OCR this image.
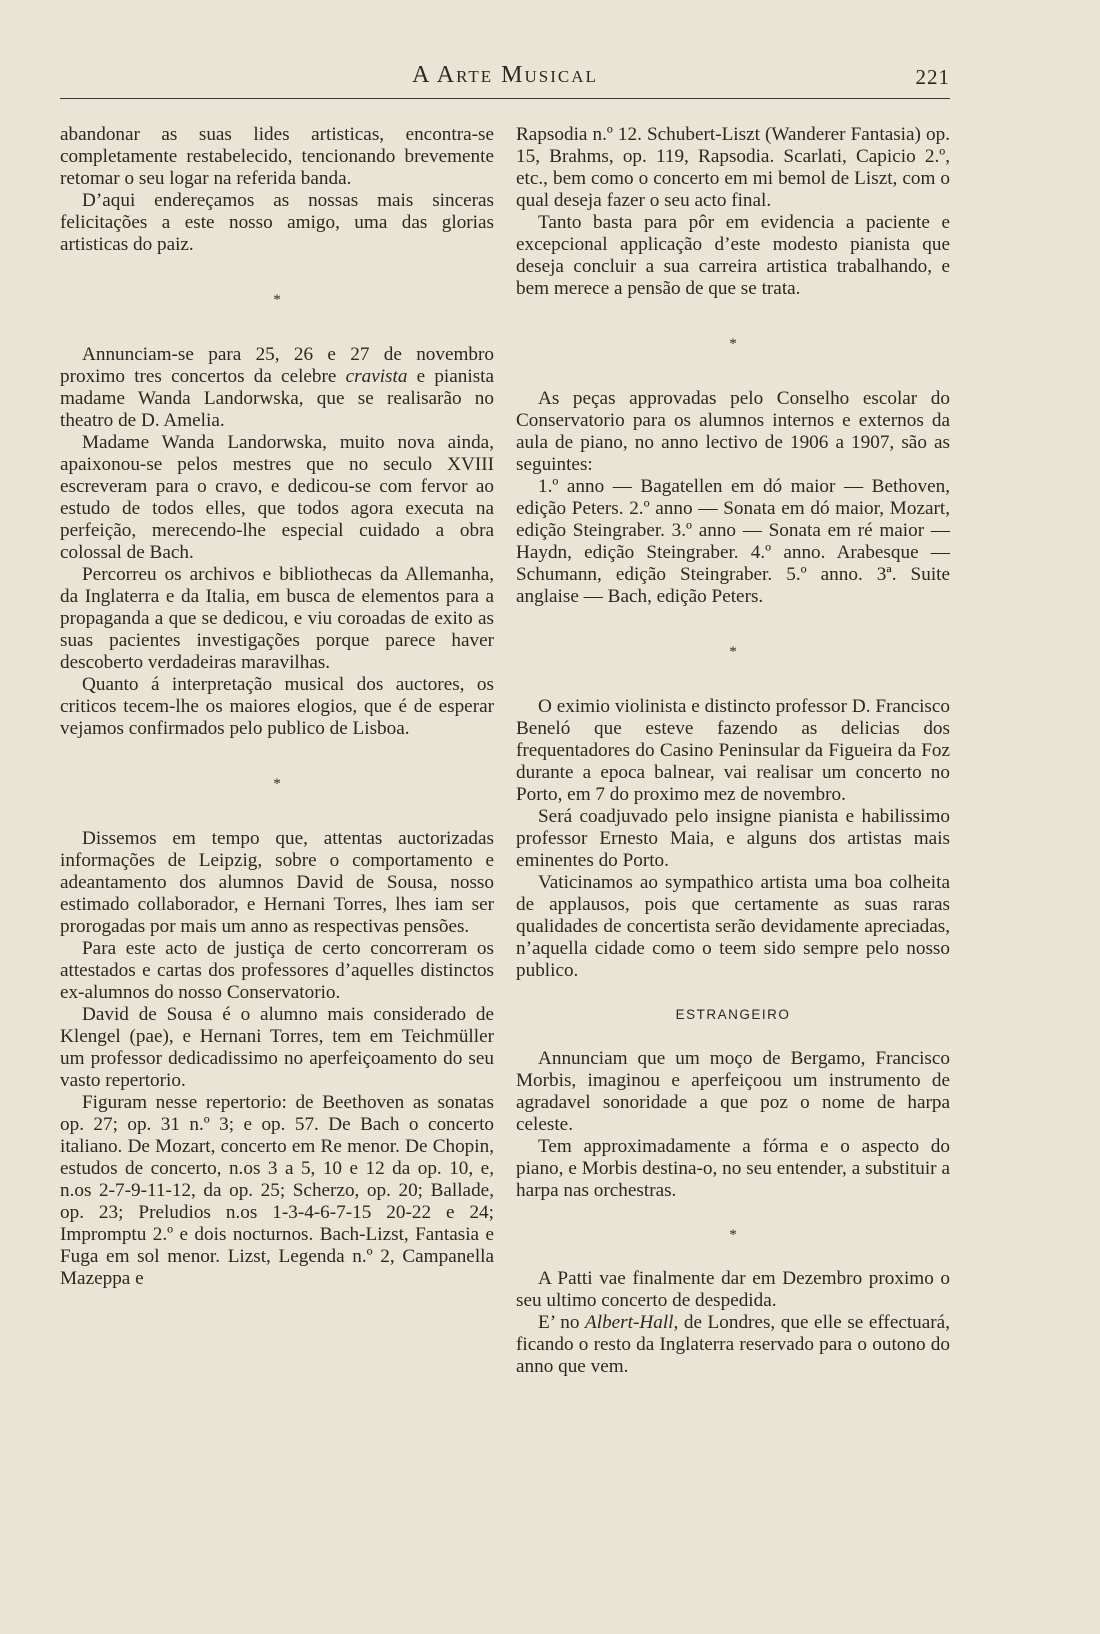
A Arte Musical	221

abandonar as suas lides artisticas, encontra-se completamente restabelecido, tencionando brevemente retomar o seu logar na referida banda.

D’aqui endereçamos as nossas mais sinceras felicitações a este nosso amigo, uma das glorias artisticas do paiz.

*

Annunciam-se para 25, 26 e 27 de novembro proximo tres concertos da celebre cravista e pianista madame Wanda Landorwska, que se realisarão no theatro de D. Amelia.

Madame Wanda Landorwska, muito nova ainda, apaixonou-se pelos mestres que no seculo XVIII escreveram para o cravo, e dedicou-se com fervor ao estudo de todos elles, que todos agora executa na perfeição, merecendo-lhe especial cuidado a obra colossal de Bach.

Percorreu os archivos e bibliothecas da Allemanha, da Inglaterra e da Italia, em busca de elementos para a propaganda a que se dedicou, e viu coroadas de exito as suas pacientes investigações porque parece haver descoberto verdadeiras maravilhas.

Quanto á interpretação musical dos auctores, os criticos tecem-lhe os maiores elogios, que é de esperar vejamos confirmados pelo publico de Lisboa.

*

Dissemos em tempo que, attentas auctorizadas informações de Leipzig, sobre o comportamento e adeantamento dos alumnos David de Sousa, nosso estimado collaborador, e Hernani Torres, lhes iam ser prorogadas por mais um anno as respectivas pensões.

Para este acto de justiça de certo concorreram os attestados e cartas dos professores d’aquelles distinctos ex-alumnos do nosso Conservatorio.

David de Sousa é o alumno mais considerado de Klengel (pae), e Hernani Torres, tem em Teichmüller um professor dedicadissimo no aperfeiçoamento do seu vasto repertorio.

Figuram nesse repertorio: de Beethoven as sonatas op. 27; op. 31 n.º 3; e op. 57. De Bach o concerto italiano. De Mozart, concerto em Re menor. De Chopin, estudos de concerto, n.os 3 a 5, 10 e 12 da op. 10, e, n.os 2-7-9-11-12, da op. 25; Scherzo, op. 20; Ballade, op. 23; Preludios n.os 1-3-4-6-7-15 20-22 e 24; Impromptu 2.º e dois nocturnos. Bach-Lizst, Fantasia e Fuga em sol menor. Lizst, Legenda n.º 2, Campanella Mazeppa e

Rapsodia n.º 12. Schubert-Liszt (Wanderer Fantasia) op. 15, Brahms, op. 119, Rapsodia. Scarlati, Capicio 2.º, etc., bem como o concerto em mi bemol de Liszt, com o qual deseja fazer o seu acto final.

Tanto basta para pôr em evidencia a paciente e excepcional applicação d’este modesto pianista que deseja concluir a sua carreira artistica trabalhando, e bem merece a pensão de que se trata.

*

As peças approvadas pelo Conselho escolar do Conservatorio para os alumnos internos e externos da aula de piano, no anno lectivo de 1906 a 1907, são as seguintes:

1.º anno — Bagatellen em dó maior — Bethoven, edição Peters. 2.º anno — Sonata em dó maior, Mozart, edição Steingraber. 3.º anno — Sonata em ré maior — Haydn, edição Steingraber. 4.º anno. Arabesque — Schumann, edição Steingraber. 5.º anno. 3ª. Suite anglaise — Bach, edição Peters.

*

O eximio violinista e distincto professor D. Francisco Beneló que esteve fazendo as delicias dos frequentadores do Casino Peninsular da Figueira da Foz durante a epoca balnear, vai realisar um concerto no Porto, em 7 do proximo mez de novembro.

Será coadjuvado pelo insigne pianista e habilissimo professor Ernesto Maia, e alguns dos artistas mais eminentes do Porto.

Vaticinamos ao sympathico artista uma boa colheita de applausos, pois que certamente as suas raras qualidades de concertista serão devidamente apreciadas, n’aquella cidade como o teem sido sempre pelo nosso publico.

ESTRANGEIRO

Annunciam que um moço de Bergamo, Francisco Morbis, imaginou e aperfeiçoou um instrumento de agradavel sonoridade a que poz o nome de harpa celeste.

Tem approximadamente a fórma e o aspecto do piano, e Morbis destina-o, no seu entender, a substituir a harpa nas orchestras.

*

A Patti vae finalmente dar em Dezembro proximo o seu ultimo concerto de despedida.

E’ no Albert-Hall, de Londres, que elle se effectuará, ficando o resto da Inglaterra reservado para o outono do anno que vem.
